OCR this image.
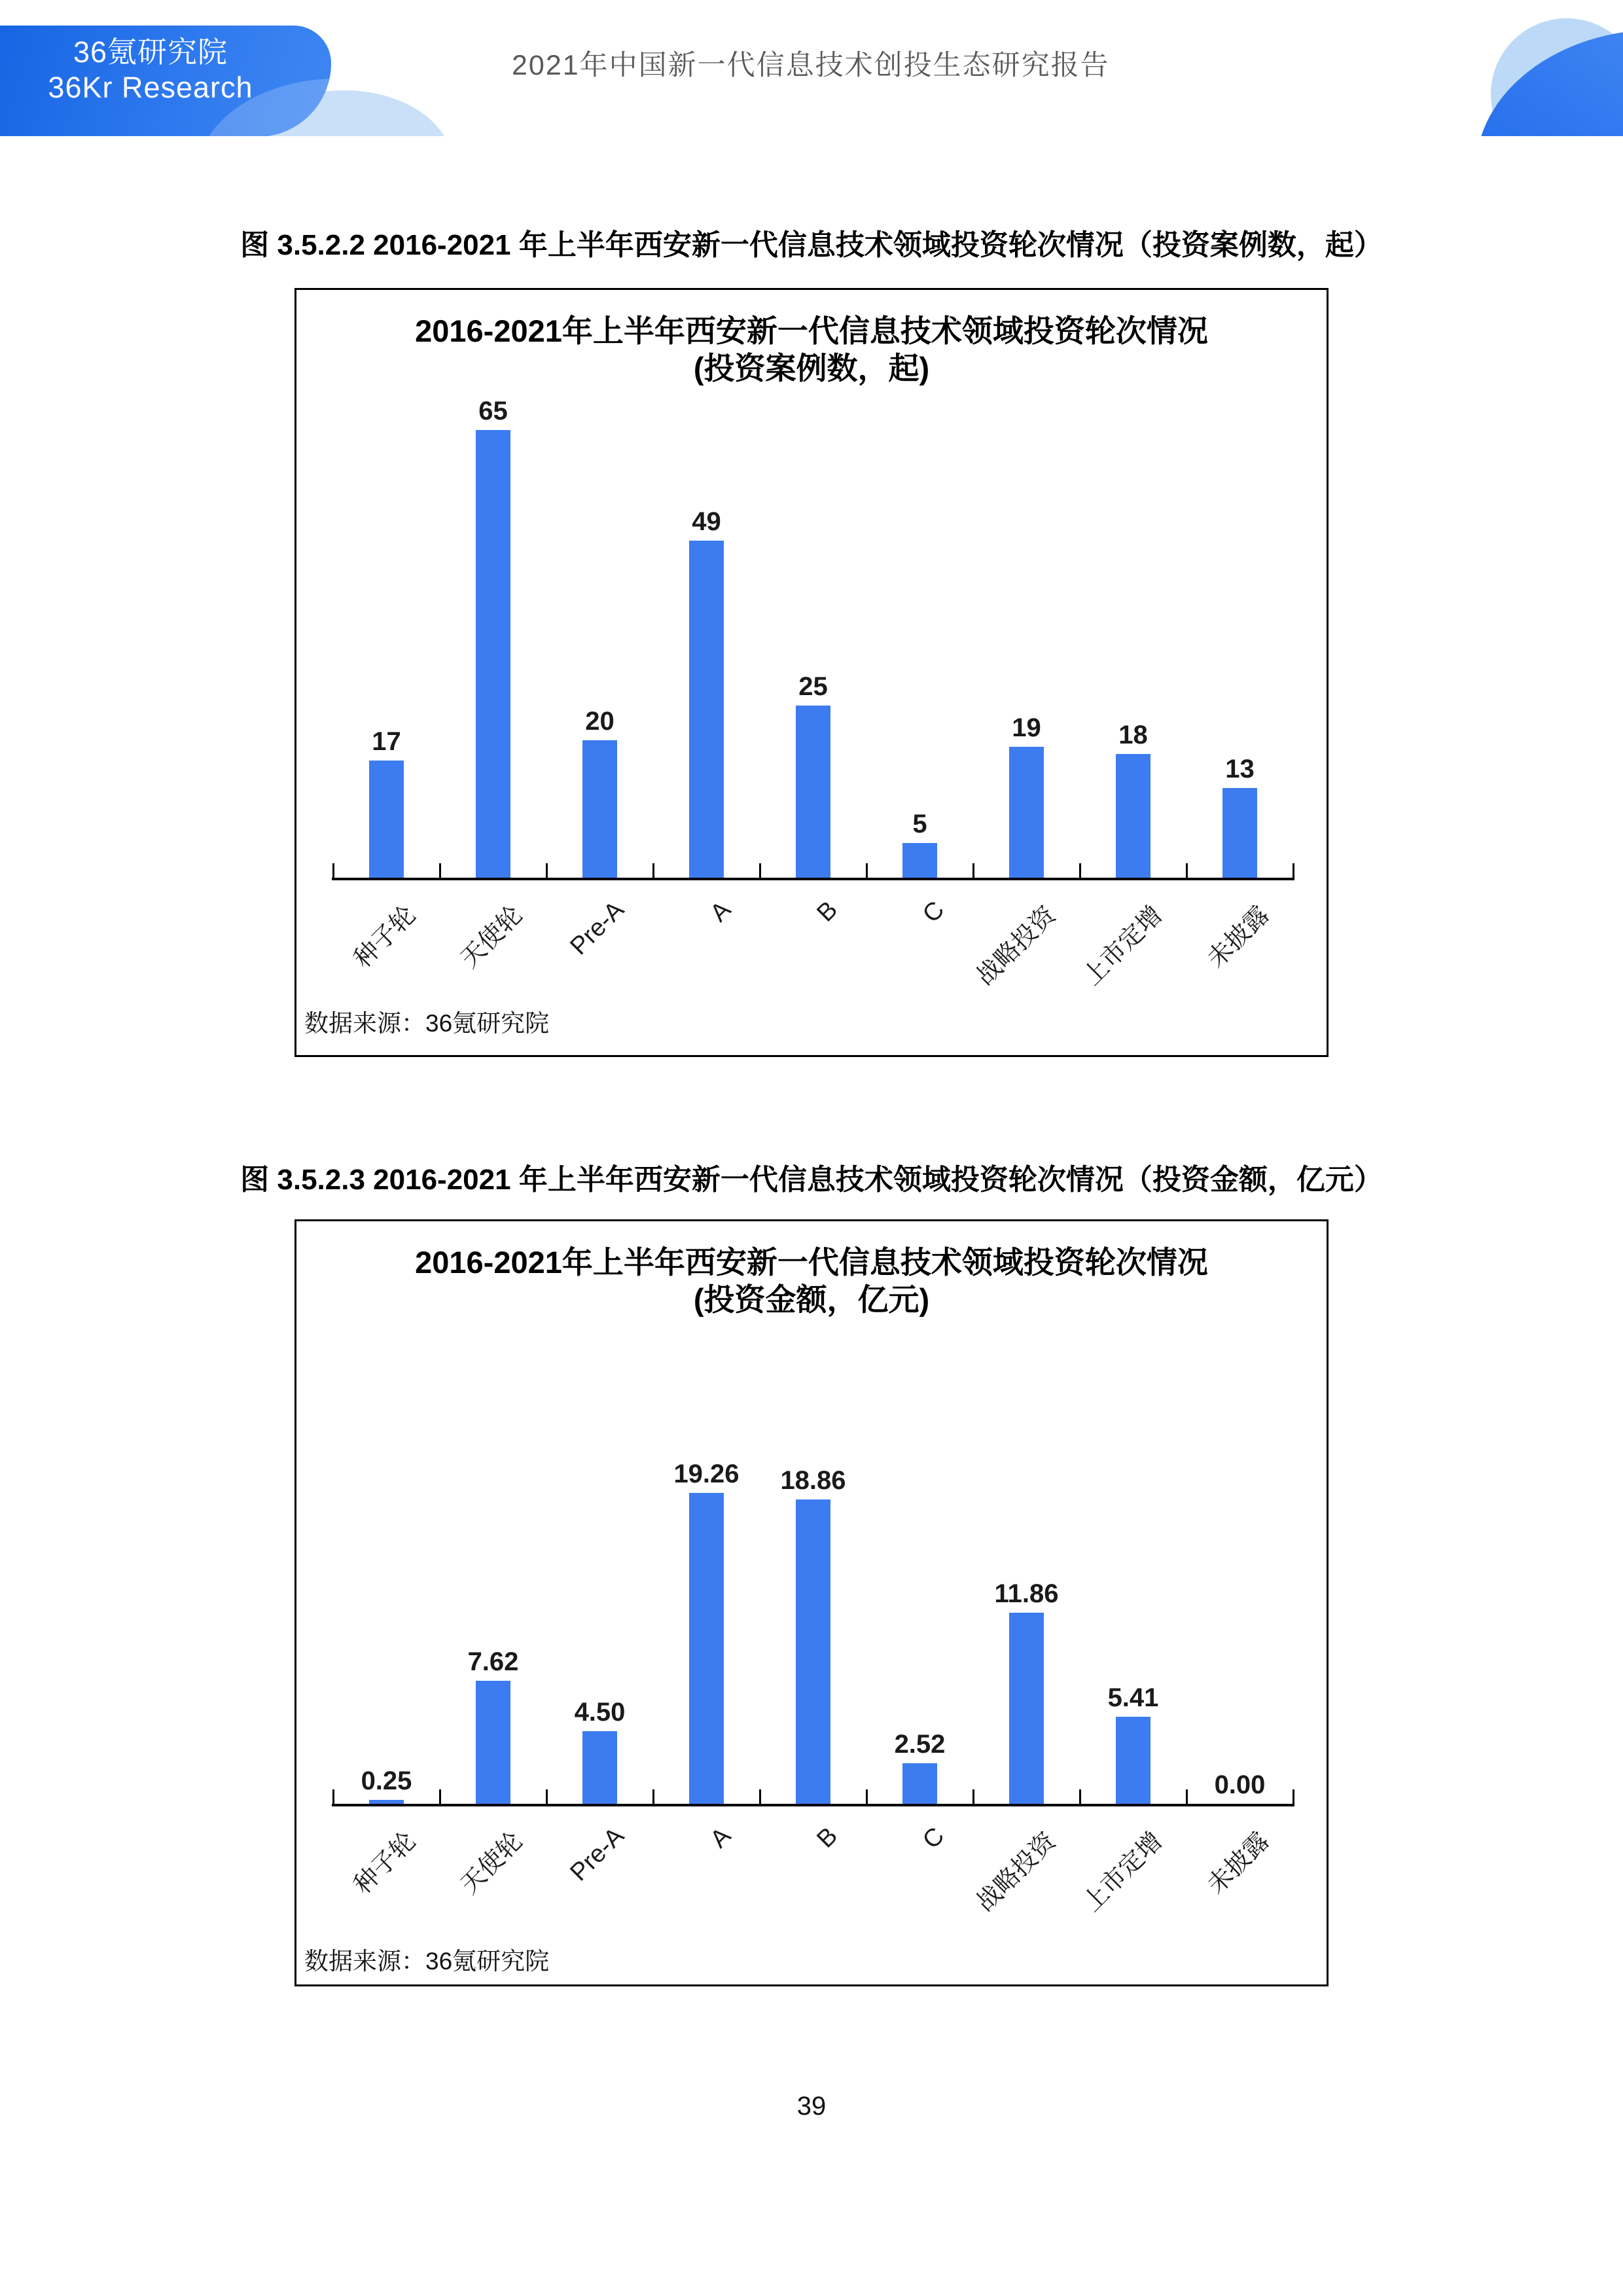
36氪研究院
36Kr Research
2021年中国新一代信息技术创投生态研究报告
图 3.5.2.2 2016-2021 年上半年西安新一代信息技术领域投资轮次情况（投资案例数，起）
2016-2021年上半年西安新一代信息技术领域投资轮次情况
(投资案例数，起)
17
种子轮
65
天使轮
20
Pre-A
49
A
25
B
5
C
19
战略投资
18
上市定增
13
未披露
数据来源：36氪研究院
图 3.5.2.3 2016-2021 年上半年西安新一代信息技术领域投资轮次情况（投资金额，亿元）
2016-2021年上半年西安新一代信息技术领域投资轮次情况
(投资金额，亿元)
0.25
种子轮
7.62
天使轮
4.50
Pre-A
19.26
A
18.86
B
2.52
C
11.86
战略投资
5.41
上市定增
0.00
未披露
数据来源：36氪研究院
39
